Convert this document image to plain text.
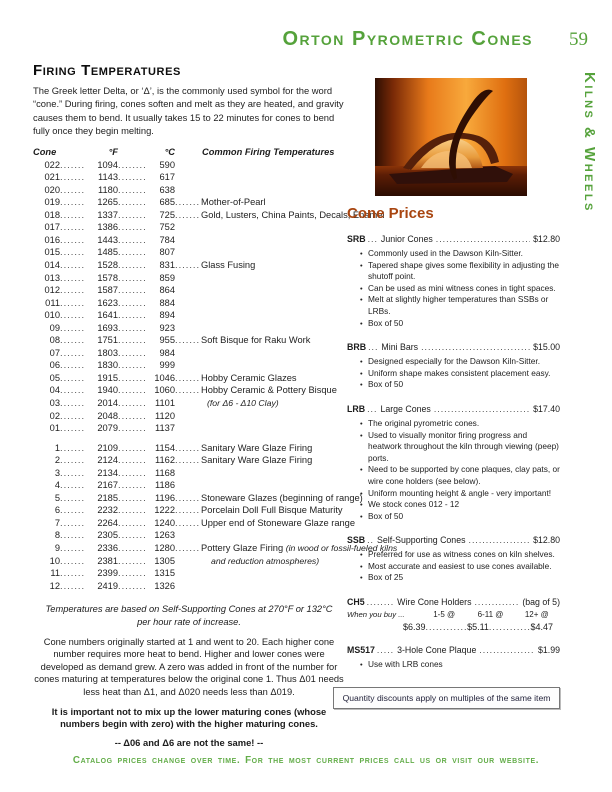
Orton Pyrometric Cones 59
Kilns & Wheels
Firing Temperatures

The Greek letter Delta, or ‘Δ’, is the commonly used symbol for the word “cone.” During firing, cones soften and melt as they are heated, and gravity causes them to bend. It usually takes 15 to 22 minutes for cones to bend fully once they begin melting.

Cone	°F	°C	Common Firing Temperatures
022 .....	1094 .....	590
021 .....	1143 .....	617
020 .....	1180 .....	638
019 .....	1265 .....	685 .....	Mother-of-Pearl
018 .....	1337 .....	725 .....	Gold, Lusters, China Paints, Decals, Enamel
017 .....	1386 .....	752
016 .....	1443 .....	784
015 .....	1485 .....	807
014 .....	1528 .....	831 .....	Glass Fusing
013 .....	1578 .....	859
012 .....	1587 .....	864
011 .....	1623 .....	884
010 .....	1641 .....	894
09 .....	1693 .....	923
08 .....	1751 .....	955 .....	Soft Bisque for Raku Work
07 .....	1803 .....	984
06 .....	1830 .....	999
05 .....	1915 .....	1046 .....	Hobby Ceramic Glazes
04 .....	1940 .....	1060 .....	Hobby Ceramic & Pottery Bisque
03 .....	2014 .....	1101	(for Δ6 - Δ10 Clay)
02 .....	2048 .....	1120
01 .....	2079 .....	1137
1 .....	2109 .....	1154 .....	Sanitary Ware Glaze Firing
2 .....	2124 .....	1162 .....	Sanitary Ware Glaze Firing
3 .....	2134 .....	1168
4 .....	2167 .....	1186
5 .....	2185 .....	1196 .....	Stoneware Glazes (beginning of range)
6 .....	2232 .....	1222 .....	Porcelain Doll Full Bisque Maturity
7 .....	2264 .....	1240 .....	Upper end of Stoneware Glaze range
8 .....	2305 .....	1263
9 .....	2336 .....	1280 .....	Pottery Glaze Firing (in wood or fossil-fueled kilns
10 .....	2381 .....	1305	and reduction atmospheres)
11 .....	2399 .....	1315
12 .....	2419 .....	1326

Temperatures are based on Self-Supporting Cones at 270°F or 132°C per hour rate of increase.

Cone numbers originally started at 1 and went to 20. Each higher cone number requires more heat to bend. Higher and lower cones were developed as demand grew. A zero was added in front of the number for cones maturing at temperatures below the original cone 1. Thus Δ01 needs less heat than Δ1, and Δ020 needs less than Δ019.

It is important not to mix up the lower maturing cones (whose numbers begin with zero) with the higher maturing cones.

-- Δ06 and Δ6 are not the same! --

Cone Prices
SRB ... Junior Cones .....	$12.80
• Commonly used in the Dawson Kiln-Sitter.
• Tapered shape gives some flexibility in adjusting the shutoff point.
• Can be used as mini witness cones in tight spaces.
• Melt at slightly higher temperatures than SSBs or LRBs.
• Box of 50
BRB ... Mini Bars .....	$15.00
• Designed especially for the Dawson Kiln-Sitter.
• Uniform shape makes consistent placement easy.
• Box of 50
LRB ... Large Cones .....	$17.40
• The original pyrometric cones.
• Used to visually monitor firing progress and heatwork throughout the kiln through viewing (peep) ports.
• Need to be supported by cone plaques, clay pats, or wire cone holders (see below).
• Uniform mounting height & angle - very important!
• We stock cones 012 - 12
• Box of 50
SSB .. Self-Supporting Cones .....	$12.80
• Preferred for use as witness cones on kiln shelves.
• Most accurate and easiest to use cones available.
• Box of 25
CH5 ........ Wire Cone Holders .....	(bag of 5)
When you buy ...	1-5 @	6-11 @	12+ @
$6.39 .....	$5.11 .....	$4.47
MS517 ..... 3-Hole Cone Plaque .....	$1.99
• Use with LRB cones
Quantity discounts apply on multiples of the same item
Catalog prices change over time. For the most current prices call us or visit our website.
